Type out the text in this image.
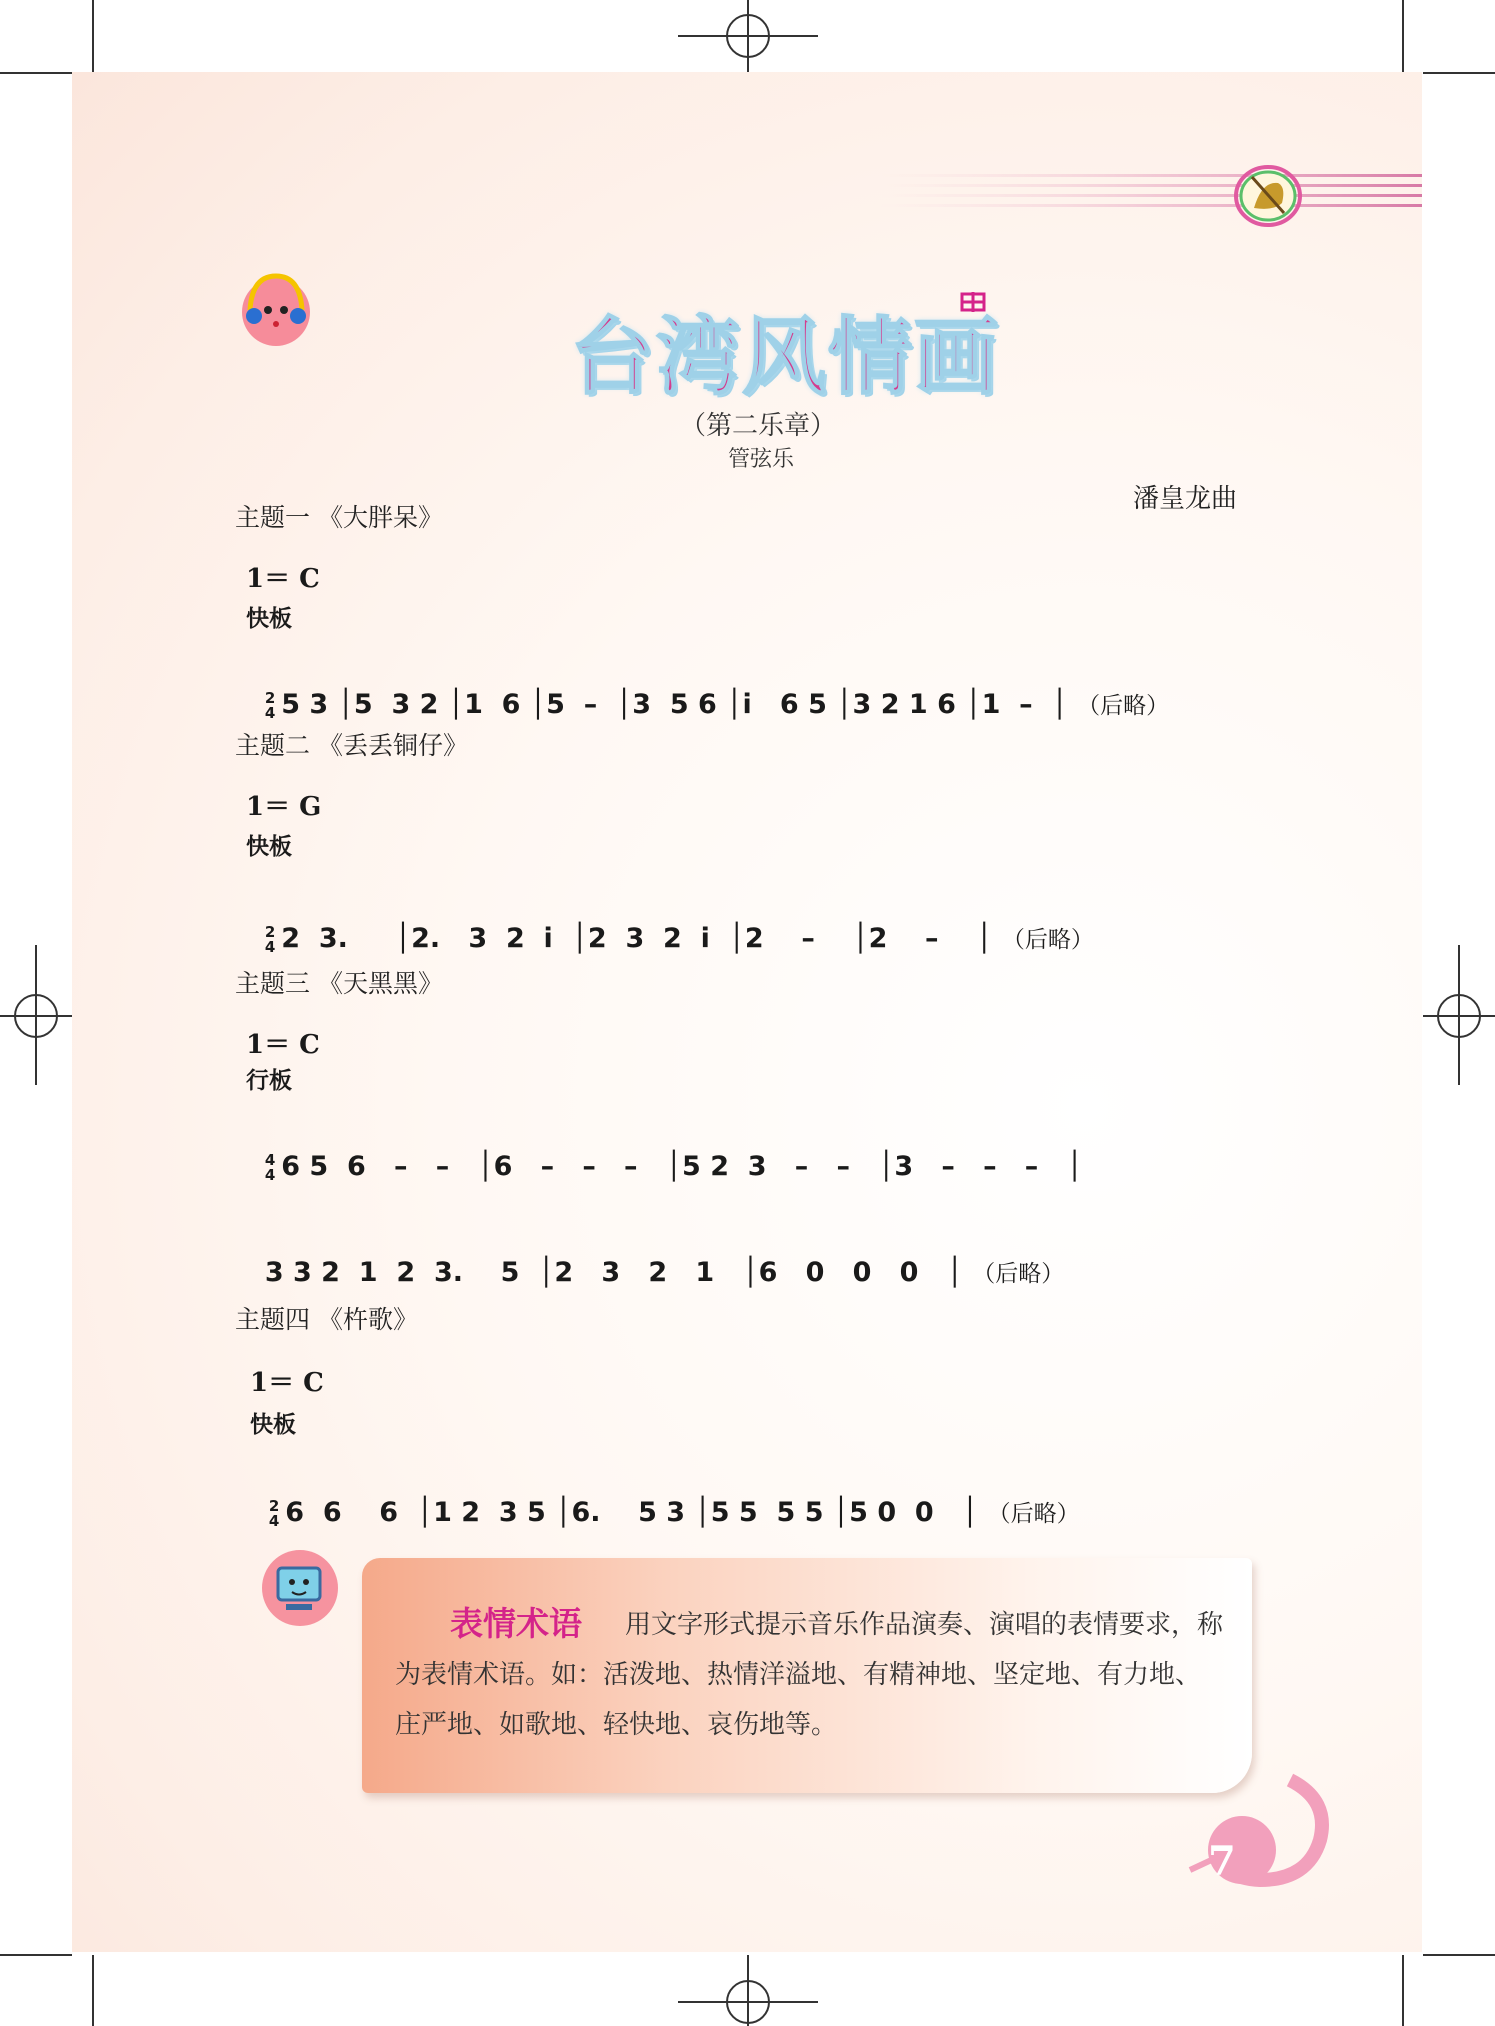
台湾风情画
（第二乐章）
管弦乐
潘皇龙曲
主题一 《大胖呆》
1＝ C
快板

2
4 5 3 │5  3 2 │1  6 │5  –  │3  5 6 │i   6 5 │3 2 1 6 │1  –  │ （后略）

主题二 《丢丢铜仔》
1＝ G
快板

2
4 2  3.     │2.   3  2  i  │2  3  2  i  │2    –    │2    –    │ （后略）

主题三 《天黑黑》
1＝ C
行板

4
4 6 5  6   –   –   │6   –   –   –   │5 2  3   –   –   │3   –   –   –   │

3 3 2  1  2  3.    5  │2   3   2   1   │6   0   0   0   │ （后略）

主题四 《杵歌》
1＝ C
快板

2
4 6  6    6  │1 2  3 5 │6.    5 3 │5 5  5 5 │5 0  0   │ （后略）

用文字形式提示音乐作品演奏、演唱的表情要求，称为表情术语。如：活泼地、热情洋溢地、有精神地、坚定地、有力地、庄严地、如歌地、轻快地、哀伤地等。
表情术语
7
